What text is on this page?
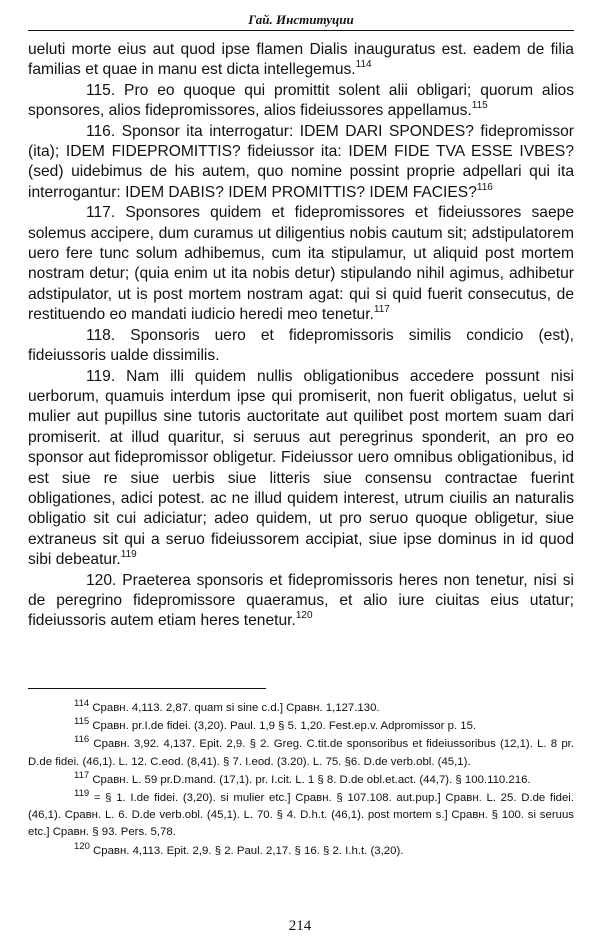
Гай. Институции

ueluti morte eius aut quod ipse flamen Dialis inauguratus est. eadem de filia familias et quae in manu est dicta intellegemus.$^{114}$

115. Pro eo quoque qui promittit solent alii obligari; quorum alios sponsores, alios fidepromissores, alios fideiussores appellamus.$^{115}$

116. Sponsor ita interrogatur: IDEM DARI SPONDES? fidepromissor (ita); IDEM FIDEPROMITTIS? fideiussor ita: IDEM FIDE TVA ESSE IVBES? (sed) uidebimus de his autem, quo nomine possint proprie adpellari qui ita interrogantur: IDEM DABIS? IDEM PROMITTIS? IDEM FACIES?$^{116}$

117. Sponsores quidem et fidepromissores et fideiussores saepe solemus accipere, dum curamus ut diligentius nobis cautum sit; adstipulatorem uero fere tunc solum adhibemus, cum ita stipulamur, ut aliquid post mortem nostram detur; (quia enim ut ita nobis detur) stipulando nihil agimus, adhibetur adstipulator, ut is post mortem nostram agat: qui si quid fuerit consecutus, de restituendo eo mandati iudicio heredi meo tenetur.$^{117}$

118. Sponsoris uero et fidepromissoris similis condicio (est), fideiussoris ualde dissimilis.

119. Nam illi quidem nullis obligationibus accedere possunt nisi uerborum, quamuis interdum ipse qui promiserit, non fuerit obligatus, uelut si mulier aut pupillus sine tutoris auctoritate aut quilibet post mortem suam dari promiserit. at illud quaritur, si seruus aut peregrinus sponderit, an pro eo sponsor aut fidepromissor obligetur. Fideiussor uero omnibus obligationibus, id est siue re siue uerbis siue litteris siue consensu contractae fuerint obligationes, adici potest. ac ne illud quidem interest, utrum ciuilis an naturalis obligatio sit cui adiciatur; adeo quidem, ut pro seruo quoque obligetur, siue extraneus sit qui a seruo fideiussorem accipiat, siue ipse dominus in id quod sibi debeatur.$^{119}$

120. Praeterea sponsoris et fidepromissoris heres non tenetur, nisi si de peregrino fidepromissore quaeramus, et alio iure ciuitas eius utatur; fideiussoris autem etiam heres tenetur.$^{120}$

$^{114}$ Сравн. 4,113. 2,87. quam si sine c.d.] Сравн. 1,127.130.

$^{115}$ Сравн. pr.I.de fidei. (3,20). Paul. 1,9 § 5. 1,20. Fest.ep.v. Adpromissor p. 15.

$^{116}$ Сравн. 3,92. 4,137. Epit. 2,9. § 2. Greg. C.tit.de sponsoribus et fideiussoribus (12,1). L. 8 pr. D.de fidei. (46,1). L. 12. C.eod. (8,41). § 7. I.eod. (3.20). L. 75. §6. D.de verb.obl. (45,1).

$^{117}$ Сравн. L. 59 pr.D.mand. (17,1). pr. I.cit. L. 1 § 8. D.de obl.et.act. (44,7). § 100.110.216.

$^{119}$ = § 1. I.de fidei. (3,20). si mulier etc.] Сравн. § 107.108. aut.pup.] Сравн. L. 25. D.de fidei. (46,1). Сравн. L. 6. D.de verb.obl. (45,1). L. 70. § 4. D.h.t. (46,1). post mortem s.] Сравн. § 100. si seruus etc.] Сравн. § 93. Pers. 5,78.

$^{120}$ Сравн. 4,113. Epit. 2,9. § 2. Paul. 2,17. § 16. § 2. I.h.t. (3,20).

214
